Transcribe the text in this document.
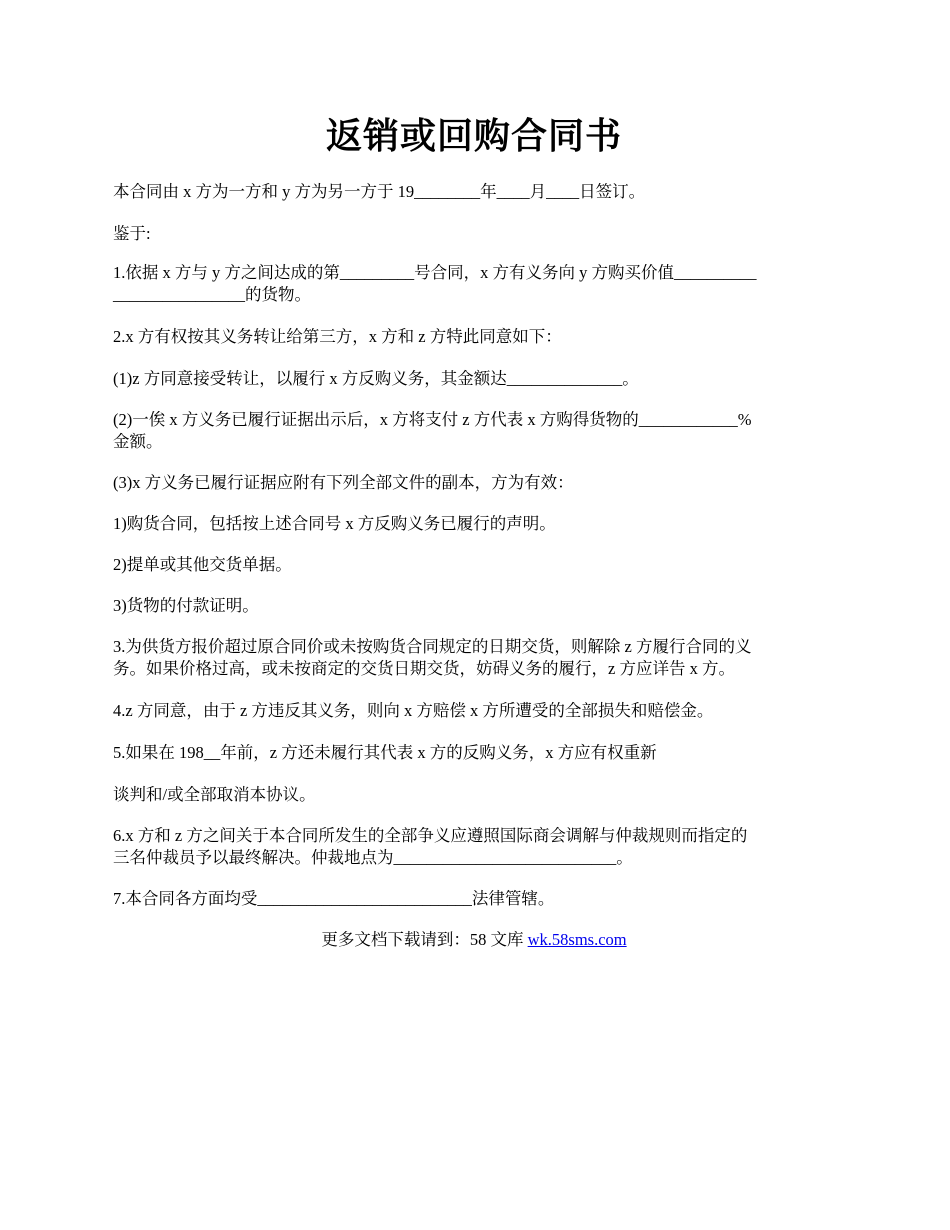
返销或回购合同书

本合同由 x 方为一方和 y 方为另一方于 19________年____月____日签订。

鉴于:

1.依据 x 方与 y 方之间达成的第_________号合同，x 方有义务向 y 方购买价值__________
________________的货物。

2.x 方有权按其义务转让给第三方，x 方和 z 方特此同意如下：

(1)z 方同意接受转让，以履行 x 方反购义务，其金额达______________。

(2)一俟 x 方义务已履行证据出示后，x 方将支付 z 方代表 x 方购得货物的____________%
金额。

(3)x 方义务已履行证据应附有下列全部文件的副本，方为有效：

1)购货合同，包括按上述合同号 x 方反购义务已履行的声明。

2)提单或其他交货单据。

3)货物的付款证明。

3.为供货方报价超过原合同价或未按购货合同规定的日期交货，则解除 z 方履行合同的义
务。如果价格过高，或未按商定的交货日期交货，妨碍义务的履行，z 方应详告 x 方。

4.z 方同意，由于 z 方违反其义务，则向 x 方赔偿 x 方所遭受的全部损失和赔偿金。

5.如果在 198__年前，z 方还未履行其代表 x 方的反购义务，x 方应有权重新

谈判和/或全部取消本协议。

6.x 方和 z 方之间关于本合同所发生的全部争义应遵照国际商会调解与仲裁规则而指定的
三名仲裁员予以最终解决。仲裁地点为___________________________。

7.本合同各方面均受__________________________法律管辖。

更多文档下载请到：58 文库 wk.58sms.com
